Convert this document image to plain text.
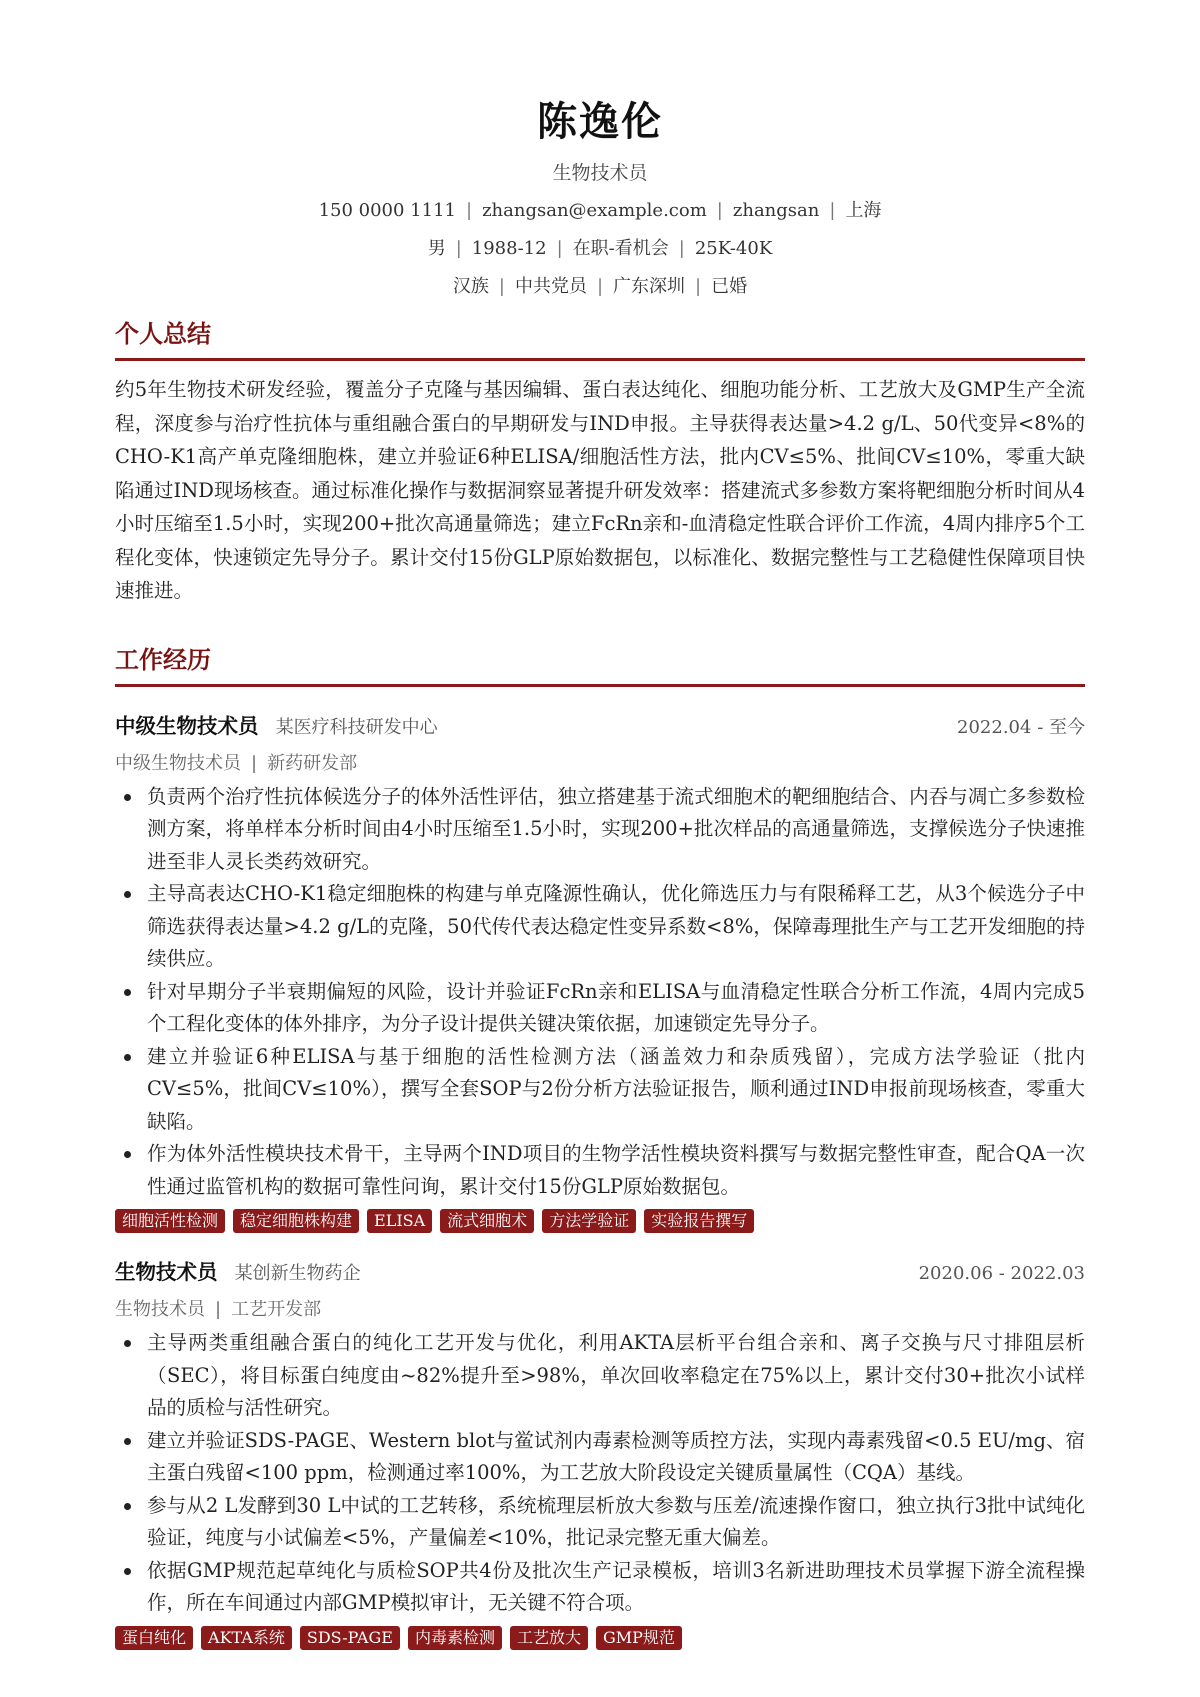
陈逸伦
生物技术员
150 0000 1111 | zhangsan@example.com | zhangsan | 上海
男 | 1988-12 | 在职-看机会 | 25K-40K
汉族 | 中共党员 | 广东深圳 | 已婚
个人总结
约5年生物技术研发经验，覆盖分子克隆与基因编辑、蛋白表达纯化、细胞功能分析、工艺放大及GMP生产全流程，深度参与治疗性抗体与重组融合蛋白的早期研发与IND申报。主导获得表达量>4.2 g/L、50代变异<8%的CHO-K1高产单克隆细胞株，建立并验证6种ELISA/细胞活性方法，批内CV≤5%、批间CV≤10%，零重大缺陷通过IND现场核查。通过标准化操作与数据洞察显著提升研发效率：搭建流式多参数方案将靶细胞分析时间从4小时压缩至1.5小时，实现200+批次高通量筛选；建立FcRn亲和-血清稳定性联合评价工作流，4周内排序5个工程化变体，快速锁定先导分子。累计交付15份GLP原始数据包，以标准化、数据完整性与工艺稳健性保障项目快速推进。
工作经历
中级生物技术员 某医疗科技研发中心	2022.04 - 至今
中级生物技术员 | 新药研发部
负责两个治疗性抗体候选分子的体外活性评估，独立搭建基于流式细胞术的靶细胞结合、内吞与凋亡多参数检测方案，将单样本分析时间由4小时压缩至1.5小时，实现200+批次样品的高通量筛选，支撑候选分子快速推进至非人灵长类药效研究。
主导高表达CHO-K1稳定细胞株的构建与单克隆源性确认，优化筛选压力与有限稀释工艺，从3个候选分子中筛选获得表达量>4.2 g/L的克隆，50代传代表达稳定性变异系数<8%，保障毒理批生产与工艺开发细胞的持续供应。
针对早期分子半衰期偏短的风险，设计并验证FcRn亲和ELISA与血清稳定性联合分析工作流，4周内完成5个工程化变体的体外排序，为分子设计提供关键决策依据，加速锁定先导分子。
建立并验证6种ELISA与基于细胞的活性检测方法（涵盖效力和杂质残留），完成方法学验证（批内CV≤5%，批间CV≤10%），撰写全套SOP与2份分析方法验证报告，顺利通过IND申报前现场核查，零重大缺陷。
作为体外活性模块技术骨干，主导两个IND项目的生物学活性模块资料撰写与数据完整性审查，配合QA一次性通过监管机构的数据可靠性问询，累计交付15份GLP原始数据包。
细胞活性检测	稳定细胞株构建	ELISA	流式细胞术	方法学验证	实验报告撰写
生物技术员 某创新生物药企	2020.06 - 2022.03
生物技术员 | 工艺开发部
主导两类重组融合蛋白的纯化工艺开发与优化，利用AKTA层析平台组合亲和、离子交换与尺寸排阻层析（SEC），将目标蛋白纯度由~82%提升至>98%，单次回收率稳定在75%以上，累计交付30+批次小试样品的质检与活性研究。
建立并验证SDS-PAGE、Western blot与鲎试剂内毒素检测等质控方法，实现内毒素残留<0.5 EU/mg、宿主蛋白残留<100 ppm，检测通过率100%，为工艺放大阶段设定关键质量属性（CQA）基线。
参与从2 L发酵到30 L中试的工艺转移，系统梳理层析放大参数与压差/流速操作窗口，独立执行3批中试纯化验证，纯度与小试偏差<5%，产量偏差<10%，批记录完整无重大偏差。
依据GMP规范起草纯化与质检SOP共4份及批次生产记录模板，培训3名新进助理技术员掌握下游全流程操作，所在车间通过内部GMP模拟审计，无关键不符合项。
蛋白纯化	AKTA系统	SDS-PAGE	内毒素检测	工艺放大	GMP规范
